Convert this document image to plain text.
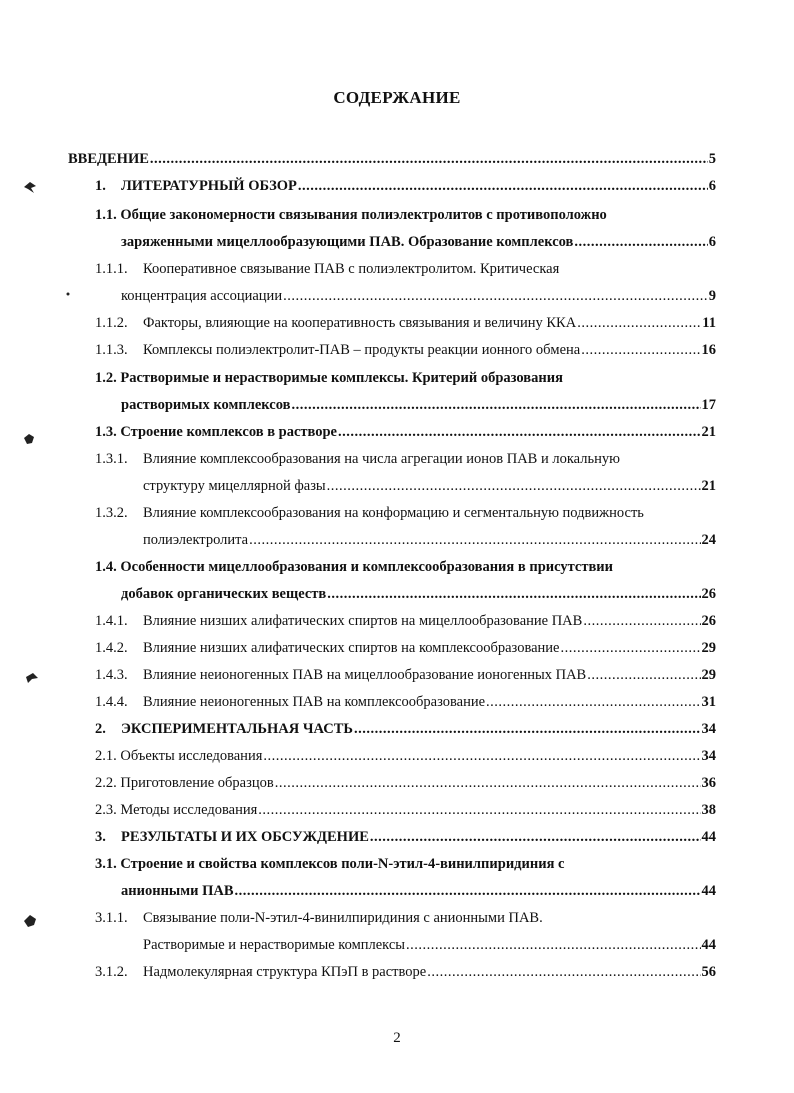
СОДЕРЖАНИЕ
ВВЕДЕНИЕ .....	5
1.ЛИТЕРАТУРНЫЙ ОБЗОР .....	6
1.1. Общие закономерности связывания полиэлектролитов с противоположно
заряженными мицеллообразующими ПАВ. Образование комплексов .....	6
1.1.1. Кооперативное связывание ПАВ с полиэлектролитом. Критическая
концентрация ассоциации .....	9
1.1.2. Факторы, влияющие на кооперативность связывания и величину ККА .....	11
1.1.3. Комплексы полиэлектролит-ПАВ – продукты реакции ионного обмена .....	16
1.2. Растворимые и нерастворимые комплексы. Критерий образования
растворимых комплексов .....	17
1.3. Строение комплексов в растворе .....	21
1.3.1. Влияние комплексообразования на числа агрегации ионов ПАВ и локальную
структуру мицеллярной фазы .....	21
1.3.2. Влияние комплексообразования на конформацию и сегментальную подвижность
полиэлектролита .....	24
1.4. Особенности мицеллообразования и комплексообразования в присутствии
добавок органических веществ .....	26
1.4.1. Влияние низших алифатических спиртов на мицеллообразование ПАВ .....	26
1.4.2. Влияние низших алифатических спиртов на комплексообразование .....	29
1.4.3. Влияние неионогенных ПАВ на мицеллообразование ионогенных ПАВ .....	29
1.4.4. Влияние неионогенных ПАВ на комплексообразование .....	31
2.ЭКСПЕРИМЕНТАЛЬНАЯ ЧАСТЬ .....	34
2.1. Объекты исследования .....	34
2.2. Приготовление образцов .....	36
2.3. Методы исследования .....	38
3.РЕЗУЛЬТАТЫ И ИХ ОБСУЖДЕНИЕ .....	44
3.1. Строение и свойства комплексов поли-N-этил-4-винилпиридиния с
анионными ПАВ .....	44
3.1.1. Связывание поли-N-этил-4-винилпиридиния с анионными ПАВ.
Растворимые и нерастворимые комплексы .....	44
3.1.2. Надмолекулярная структура КПэП в растворе .....	56
2
